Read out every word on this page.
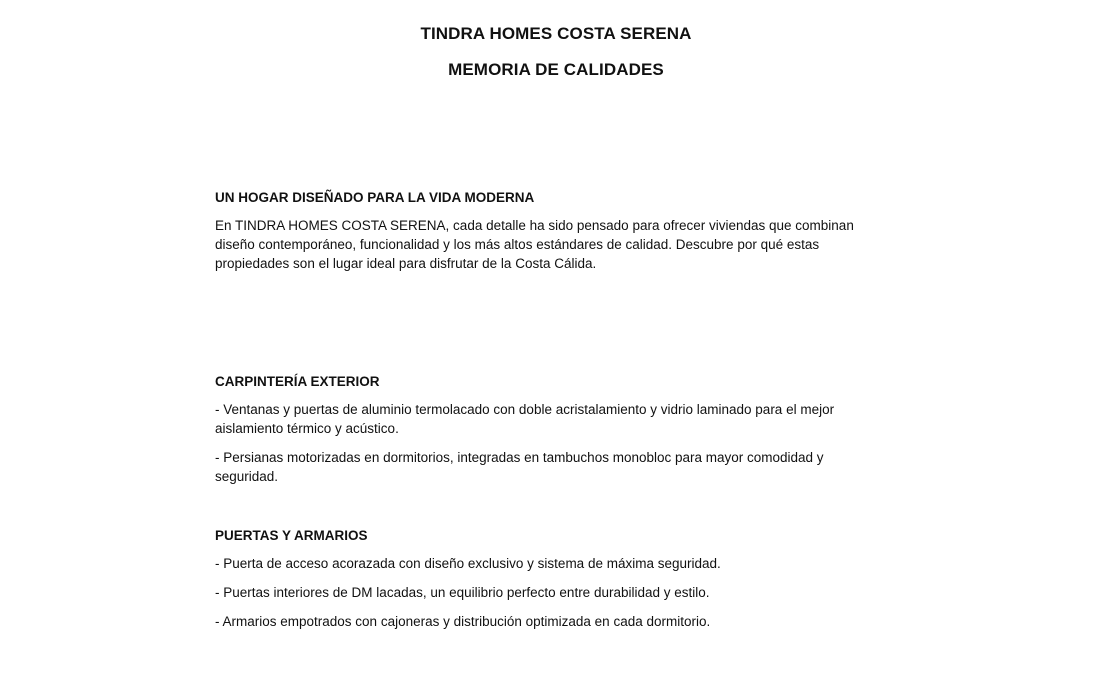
TINDRA HOMES COSTA SERENA
MEMORIA DE CALIDADES
UN HOGAR DISEÑADO PARA LA VIDA MODERNA

En TINDRA HOMES COSTA SERENA, cada detalle ha sido pensado para ofrecer viviendas que combinan diseño contemporáneo, funcionalidad y los más altos estándares de calidad. Descubre por qué estas propiedades son el lugar ideal para disfrutar de la Costa Cálida.

CARPINTERÍA EXTERIOR

- Ventanas y puertas de aluminio termolacado con doble acristalamiento y vidrio laminado para el mejor aislamiento térmico y acústico.

- Persianas motorizadas en dormitorios, integradas en tambuchos monobloc para mayor comodidad y seguridad.

PUERTAS Y ARMARIOS

- Puerta de acceso acorazada con diseño exclusivo y sistema de máxima seguridad.

- Puertas interiores de DM lacadas, un equilibrio perfecto entre durabilidad y estilo.

- Armarios empotrados con cajoneras y distribución optimizada en cada dormitorio.
